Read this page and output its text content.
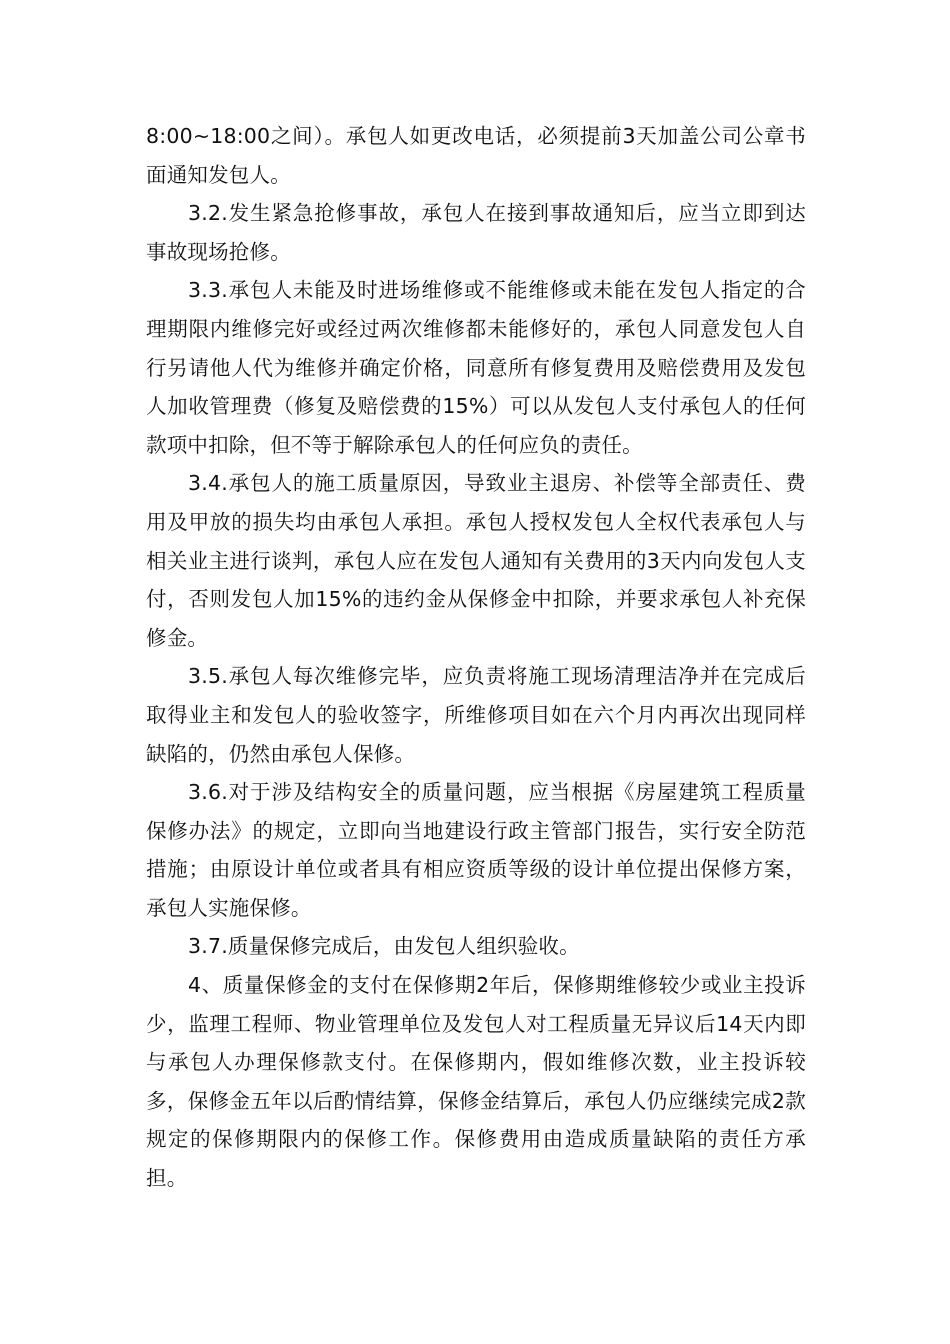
8:00~18:00之间）。承包人如更改电话，必须提前3天加盖公司公章书面通知发包人。

3.2.发生紧急抢修事故，承包人在接到事故通知后，应当立即到达事故现场抢修。

3.3.承包人未能及时进场维修或不能维修或未能在发包人指定的合理期限内维修完好或经过两次维修都未能修好的，承包人同意发包人自行另请他人代为维修并确定价格，同意所有修复费用及赔偿费用及发包人加收管理费（修复及赔偿费的15%）可以从发包人支付承包人的任何款项中扣除，但不等于解除承包人的任何应负的责任。

3.4.承包人的施工质量原因，导致业主退房、补偿等全部责任、费用及甲放的损失均由承包人承担。承包人授权发包人全权代表承包人与相关业主进行谈判，承包人应在发包人通知有关费用的3天内向发包人支付，否则发包人加15%的违约金从保修金中扣除，并要求承包人补充保修金。

3.5.承包人每次维修完毕，应负责将施工现场清理洁净并在完成后取得业主和发包人的验收签字，所维修项目如在六个月内再次出现同样缺陷的，仍然由承包人保修。

3.6.对于涉及结构安全的质量问题，应当根据《房屋建筑工程质量保修办法》的规定，立即向当地建设行政主管部门报告，实行安全防范措施；由原设计单位或者具有相应资质等级的设计单位提出保修方案，承包人实施保修。

3.7.质量保修完成后，由发包人组织验收。

4、质量保修金的支付在保修期2年后，保修期维修较少或业主投诉少，监理工程师、物业管理单位及发包人对工程质量无异议后14天内即与承包人办理保修款支付。在保修期内，假如维修次数，业主投诉较多，保修金五年以后酌情结算，保修金结算后，承包人仍应继续完成2款规定的保修期限内的保修工作。保修费用由造成质量缺陷的责任方承担。
